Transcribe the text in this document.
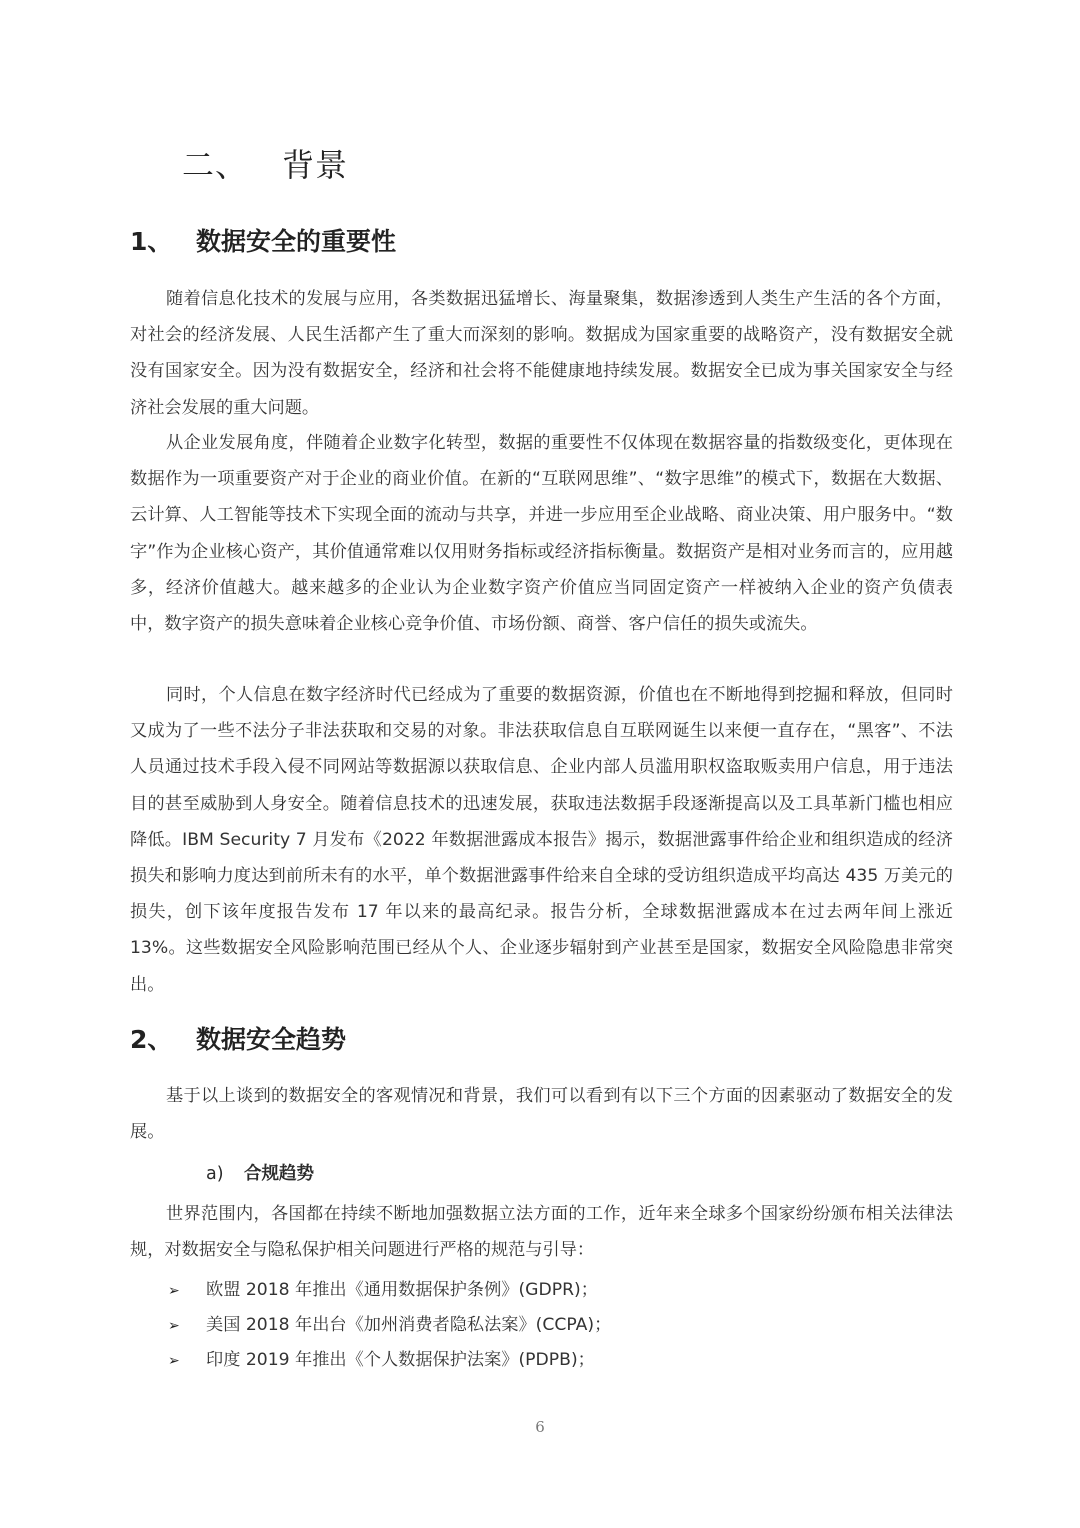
二、 背景
1、 数据安全的重要性

随着信息化技术的发展与应用，各类数据迅猛增长、海量聚集，数据渗透到人类生产生活的各个方面，对社会的经济发展、人民生活都产生了重大而深刻的影响。数据成为国家重要的战略资产，没有数据安全就没有国家安全。因为没有数据安全，经济和社会将不能健康地持续发展。数据安全已成为事关国家安全与经济社会发展的重大问题。

从企业发展角度，伴随着企业数字化转型，数据的重要性不仅体现在数据容量的指数级变化，更体现在数据作为一项重要资产对于企业的商业价值。在新的“互联网思维”、“数字思维”的模式下，数据在大数据、云计算、人工智能等技术下实现全面的流动与共享，并进一步应用至企业战略、商业决策、用户服务中。“数字”作为企业核心资产，其价值通常难以仅用财务指标或经济指标衡量。数据资产是相对业务而言的，应用越多，经济价值越大。越来越多的企业认为企业数字资产价值应当同固定资产一样被纳入企业的资产负债表中，数字资产的损失意味着企业核心竞争价值、市场份额、商誉、客户信任的损失或流失。

同时，个人信息在数字经济时代已经成为了重要的数据资源，价值也在不断地得到挖掘和释放，但同时又成为了一些不法分子非法获取和交易的对象。非法获取信息自互联网诞生以来便一直存在，“黑客”、不法人员通过技术手段入侵不同网站等数据源以获取信息、企业内部人员滥用职权盗取贩卖用户信息，用于违法目的甚至威胁到人身安全。随着信息技术的迅速发展，获取违法数据手段逐渐提高以及工具革新门槛也相应降低。IBM Security 7 月发布《2022 年数据泄露成本报告》揭示，数据泄露事件给企业和组织造成的经济损失和影响力度达到前所未有的水平，单个数据泄露事件给来自全球的受访组织造成平均高达 435 万美元的损失，创下该年度报告发布 17 年以来的最高纪录。报告分析，全球数据泄露成本在过去两年间上涨近 13%。这些数据安全风险影响范围已经从个人、企业逐步辐射到产业甚至是国家，数据安全风险隐患非常突出。

2、 数据安全趋势

基于以上谈到的数据安全的客观情况和背景，我们可以看到有以下三个方面的因素驱动了数据安全的发展。

a) 合规趋势

世界范围内，各国都在持续不断地加强数据立法方面的工作，近年来全球多个国家纷纷颁布相关法律法规，对数据安全与隐私保护相关问题进行严格的规范与引导：

➢ 欧盟 2018 年推出《通用数据保护条例》(GDPR)；
➢ 美国 2018 年出台《加州消费者隐私法案》(CCPA)；
➢ 印度 2019 年推出《个人数据保护法案》(PDPB)；
6
